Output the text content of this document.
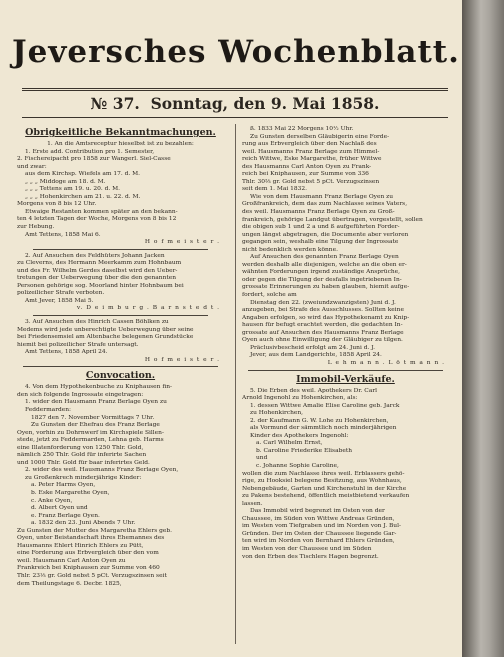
Jeversches Wochenblatt.
№ 37. Sonntag, den 9. Mai 1858.
Obrigkeitliche Bekanntmachungen.
1. An die Amtsreceptur hieselbst ist zu bezahlen:
1. Erste add. Contribution pro 1. Semester,
2. Fischereipacht pro 1858 zur Wangerl. Siel-Casse
und zwar:
aus dem Kirchsp. Wiefels am 17. d. M.
„ „ „ Middoge am 18. d. M.
„ „ „ Tettens am 19. u. 20. d. M.
„ „ „ Hohenkirchen am 21. u. 22. d. M.
Morgens von 8 bis 12 Uhr.
Etwaige Restanten kommen später an den bekann-
ten 4 letzten Tagen der Woche, Morgens von 8 bis 12
zur Hebung.
Amt Tettens, 1858 Mai 6.
H o f m e i s t e r .
2. Auf Ansuchen des Feldhüters Johann Jacken
zu Cleverns, des Hermann Meerkamm zum Hohnbaum
und des Fr. Wilhelm Gerdes daselbst wird den Ueber-
tretungen der Ueberwegung über die den genannten
Personen gehörige sog. Moorland hinter Hohnbaum bei
polizeilicher Strafe verboten.
Amt Jever, 1858 Mai 5.
v. D e i m b u r g . B a r n s t e d t .
3. Auf Ansuchen des Hinrich Cassen Böhlken zu
Medems wird jede unberechtigte Ueberwegung über seine
bei Friedensemsiel am Altenbache belegenen Grundstücke
hiemit bei polizeilicher Strafe untersagt.
Amt Tettens, 1858 April 24.
H o f m e i s t e r .
Convocation.
4. Von dem Hypothekenbuche zu Kniphausen fin-
den sich folgende Ingrossate eingetragen:
1. wider den Hausmann Franz Berlage Oyen zu
Feddermarden:
1827 den 7. November Vormittags 7 Uhr.
Zu Gunsten der Ehefrau des Franz Berlage
Oyen, vorhin zu Dohrnwerf im Kirchspiele Sillen-
stede, jetzt zu Feddermarden, Lehna geb. Harms
eine Illatenforderung von 1250 Thlr. Gold,
nämlich 250 Thlr. Gold für inferirte Sachen
und 1000 Thlr. Gold für baar inferirtes Geld.
2. wider des weil. Hausmanns Franz Berlage Oyen,
zu Großenkrech minderjährige Kinder:
a. Peter Harms Oyen,
b. Eske Margarethe Oyen,
c. Anke Oyen,
d. Albert Oyen und
e. Franz Berlage Oyen.
a. 1832 den 23. Juni Abends 7 Uhr.
Zu Gunsten der Mutter des Margaretha Ehlers geb.
Oyen, unter Beistandschaft ihres Ehemannes des
Hausmanns Ehlert Hinrich Ehlers zu Pütt,
eine Forderung aus Erbvergleich über den vom
weil. Hausmann Carl Anton Oyen zu
Frankreich bei Kniphausen zur Summe von 460
Thlr. 23⅓ gr. Gold nebst 5 pCt. Verzugszinsen seit
dem Theilungstage 6. Decbr. 1825,
ß. 1833 Mai 22 Morgens 10½ Uhr.
Zu Gunsten derselben Gläubigerin eine Forde-
rung aus Erbvergleich über den Nachlaß des
weil. Hausmanns Franz Berlage zum Himmel-
reich Wittwe, Eske Margarethe, früher Wittwe
des Hausmanns Carl Anton Oyen zu Frank-
reich bei Kniphausen, zur Summe von 336
Thlr. 30⅔ gr. Gold nebst 5 pCt. Verzugszinsen
seit dem 1. Mai 1832.
Wie von dem Hausmann Franz Berlage Oyen zu
Großfrankreich, dem das zum Nachlasse seines Vaters,
des weil. Hausmanns Franz Berlage Oyen zu Groß-
frankreich, gehörige Landgut übertragen, vorgestellt, sollen
die obigen sub 1 und 2 a und ß aufgeführten Forder-
ungen längst abgetragen, die Documente aber verloren
gegangen sein, weshalb eine Tilgung der Ingrossate
nicht bedenklich werden könne.
Auf Ansuchen des genannten Franz Berlage Oyen
werden deshalb alle diejenigen, welche an die oben er-
wähnten Forderungen irgend zuständige Ansprüche,
oder gegen die Tilgung der desfalls ingetriebenen In-
grossate Erinnerungen zu haben glauben, hiemit aufge-
fordert, solche am
Dienstag den 22. (zweiundzwanzigsten) Juni d. J.
anzugeben, bei Strafe des Ausschlusses. Sollten keine
Angaben erfolgen, so wird das Hypothekenamt zu Knip-
hausen für befugt erachtet werden, die gedachten In-
grossate auf Ansuchen des Hausmanns Franz Berlage
Oyen auch ohne Einwilligung der Gläubiger zu tilgen.
Präclusivbescheid erfolgt am 24. Juni d. J.
Jever, aus dem Landgerichte, 1858 April 24.
L e h m a n n . L ö t m a n n .
Immobil-Verkäufe.
5. Die Erben des weil. Apothekers Dr. Carl
Arnold Ingenohl zu Hohenkirchen, als:
1. dessen Wittwe Amalie Elise Caroline geb. Jarck
zu Hohenkirchen,
2. der Kaufmann G. W. Lohe zu Hohenkirchen,
als Vormund der sämmtlich noch minderjährigen
Kinder des Apothekers Ingenohl:
a. Carl Wilhelm Ernst,
b. Caroline Friederike Elisabeth
und
c. Johanne Sophie Caroline,
wollen die zum Nachlasse ihres weil. Erblassers gehö-
rige, zu Hooksiel belegene Besitzung, aus Wohnhaus,
Nebengebäude, Garten und Kirchenstuhl in der Kirche
zu Pakens bestehend, öffentlich meistbietend verkaufen
lassen.
Das Immobil wird begrenzt im Osten von der
Chaussee, im Süden von Wittwe Andreas Gründen,
im Westen vom Tiefgraben und im Norden von J. Bul-
Gründen. Der im Osten der Chaussee liegende Gar-
ten wird im Norden von Bernhard Ehlers Gründen,
im Westen von der Chaussee und im Süden
von den Erben des Tischlers Hagen begrenzt.
